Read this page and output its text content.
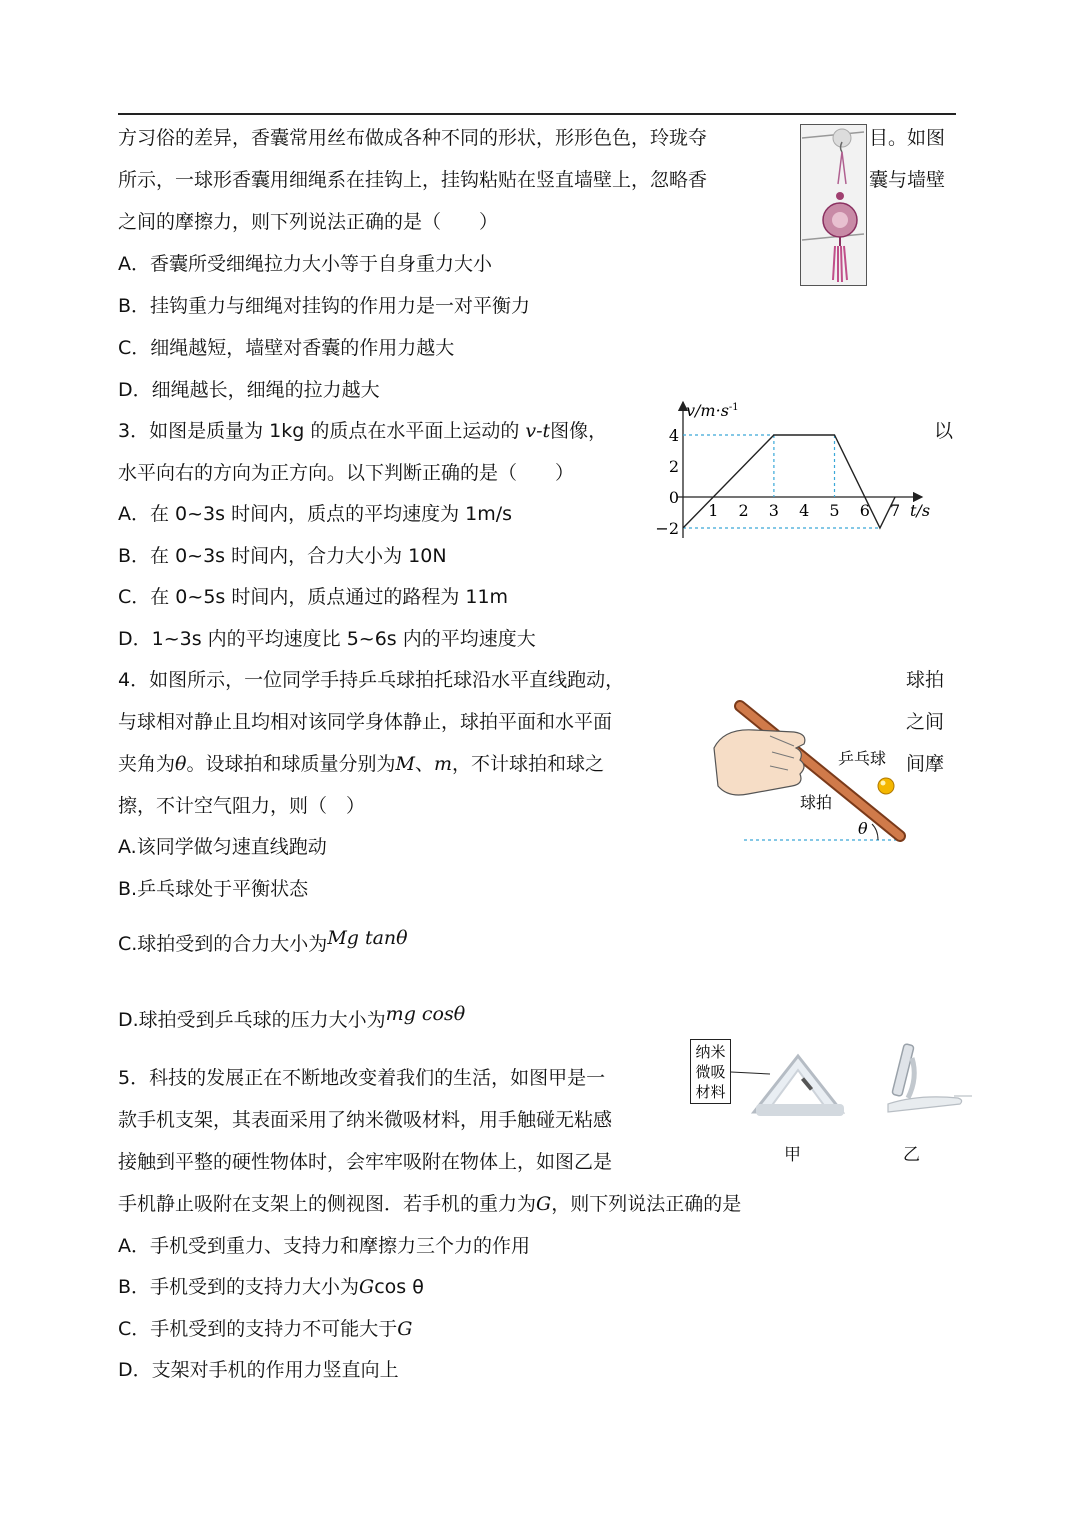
方习俗的差异，香囊常用丝布做成各种不同的形状，形形色色，玲珑夺	目。如图
所示，一球形香囊用细绳系在挂钩上，挂钩粘贴在竖直墙壁上，忽略香	囊与墙壁
之间的摩擦力，则下列说法正确的是（　　）
A．香囊所受细绳拉力大小等于自身重力大小
B．挂钩重力与细绳对挂钩的作用力是一对平衡力
C．细绳越短，墙壁对香囊的作用力越大
D．细绳越长，细绳的拉力越大
3．如图是质量为 1kg 的质点在水平面上运动的 v-t图像，	以
水平向右的方向为正方向。以下判断正确的是（　　）
A．在 0~3s 时间内，质点的平均速度为 1m/s
B．在 0~3s 时间内，合力大小为 10N
C．在 0~5s 时间内，质点通过的路程为 11m
D．1~3s 内的平均速度比 5~6s 内的平均速度大
$v/m\cdot s^{-1}$
t/s
4
2
0
−2
1 2 3 4 5 6 7
4．如图所示，一位同学手持乒乓球拍托球沿水平直线跑动，	球拍
与球相对静止且均相对该同学身体静止，球拍平面和水平面	之间
夹角为θ。设球拍和球质量分别为M、m，不计球拍和球之	间摩
擦，不计空气阻力，则（　）
A.该同学做匀速直线跑动
B.乒乓球处于平衡状态
C.球拍受到的合力大小为Mg tanθ
D.球拍受到乒乓球的压力大小为mg cosθ
乒乓球
球拍
θ
5．科技的发展正在不断地改变着我们的生活，如图甲是一
款手机支架，其表面采用了纳米微吸材料，用手触碰无粘感
接触到平整的硬性物体时，会牢牢吸附在物体上，如图乙是
手机静止吸附在支架上的侧视图．若手机的重力为G，则下列说法正确的是
A．手机受到重力、支持力和摩擦力三个力的作用
B．手机受到的支持力大小为Gcos θ
C．手机受到的支持力不可能大于G
D．支架对手机的作用力竖直向上
纳米
微吸
材料
甲	乙
